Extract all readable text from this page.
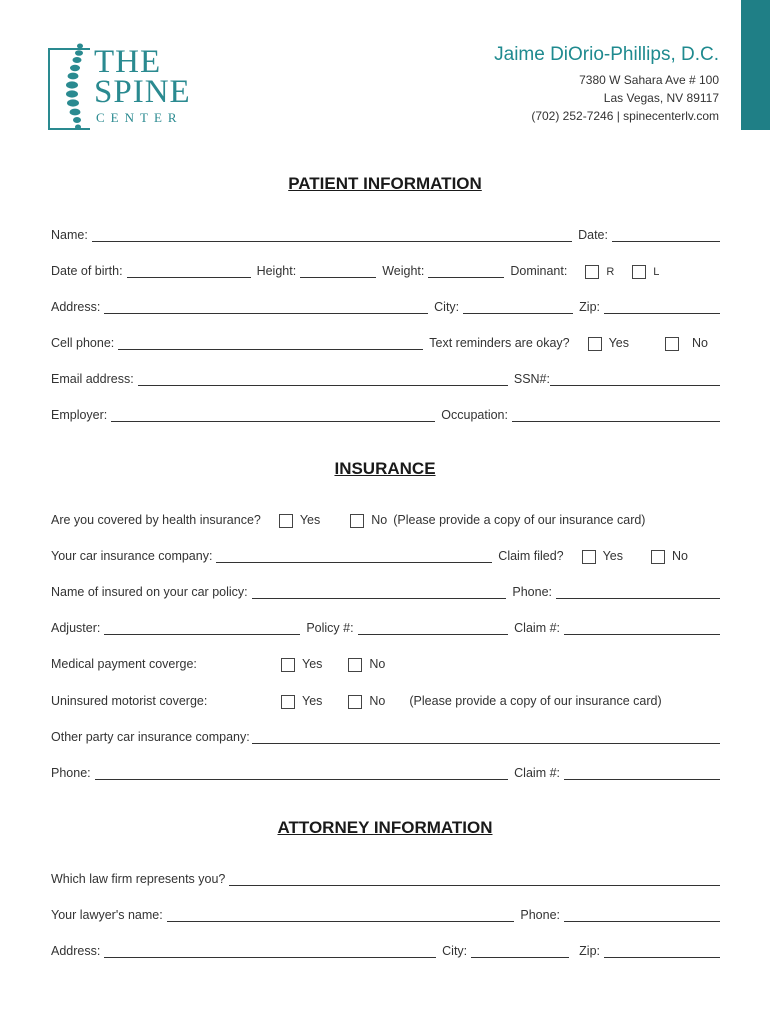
THE
SPINE
CENTER
Jaime DiOrio-Phillips, D.C.
7380 W Sahara Ave # 100
Las Vegas, NV 89117
(702) 252-7246 | spinecenterlv.com
PATIENT INFORMATION
Name:	Date:
Date of birth:	Height:	Weight:	Dominant:	R	L
Address:	City:	Zip:
Cell phone:	Text reminders are okay?	Yes	No
Email address:	SSN#:
Employer:	Occupation:
INSURANCE
Are you covered by health insurance?	Yes	No (Please provide a copy of our insurance card)
Your car insurance company:	Claim filed?	Yes	No
Name of insured on your car policy:	Phone:
Adjuster:	Policy #:	Claim #:
Medical payment coverge:	Yes	No
Uninsured motorist coverge:	Yes	No (Please provide a copy of our insurance card)
Other party car insurance company:
Phone:	Claim #:
ATTORNEY INFORMATION
Which law firm represents you?
Your lawyer's name:	Phone:
Address:	City:	Zip:
